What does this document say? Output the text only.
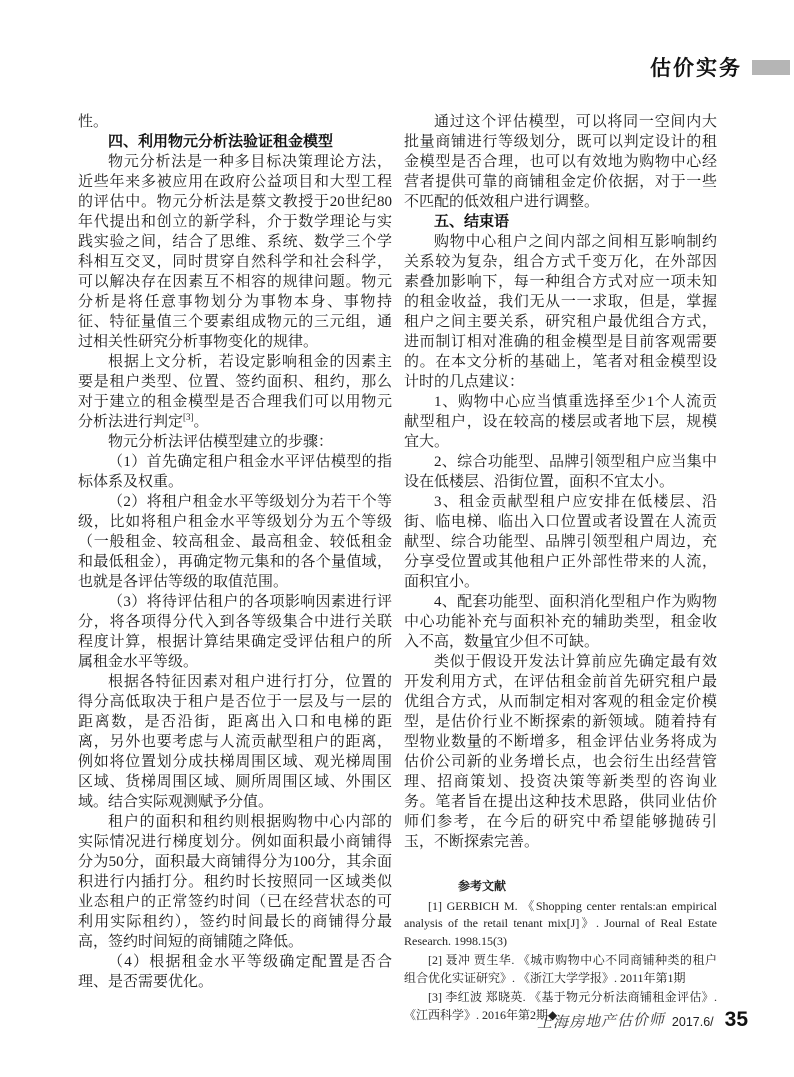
估价实务

性。

四、利用物元分析法验证租金模型

物元分析法是一种多目标决策理论方法，近些年来多被应用在政府公益项目和大型工程的评估中。物元分析法是蔡文教授于20世纪80年代提出和创立的新学科，介于数学理论与实践实验之间，结合了思维、系统、数学三个学科相互交叉，同时贯穿自然科学和社会科学，可以解决存在因素互不相容的规律问题。物元分析是将任意事物划分为事物本身、事物持征、特征量值三个要素组成物元的三元组，通过相关性研究分析事物变化的规律。

根据上文分析，若设定影响租金的因素主要是租户类型、位置、签约面积、租约，那么对于建立的租金模型是否合理我们可以用物元分析法进行判定[3]。

物元分析法评估模型建立的步骤：

（1）首先确定租户租金水平评估模型的指标体系及权重。

（2）将租户租金水平等级划分为若干个等级，比如将租户租金水平等级划分为五个等级（一般租金、较高租金、最高租金、较低租金和最低租金），再确定物元集和的各个量值域，也就是各评估等级的取值范围。

（3）将待评估租户的各项影响因素进行评分，将各项得分代入到各等级集合中进行关联程度计算，根据计算结果确定受评估租户的所属租金水平等级。

根据各特征因素对租户进行打分，位置的得分高低取决于租户是否位于一层及与一层的距离数，是否沿街，距离出入口和电梯的距离，另外也要考虑与人流贡献型租户的距离，例如将位置划分成扶梯周围区域、观光梯周围区域、货梯周围区域、厕所周围区域、外围区域。结合实际观测赋予分值。

租户的面积和租约则根据购物中心内部的实际情况进行梯度划分。例如面积最小商铺得分为50分，面积最大商铺得分为100分，其余面积进行内插打分。租约时长按照同一区域类似业态租户的正常签约时间（已在经营状态的可利用实际租约），签约时间最长的商铺得分最高，签约时间短的商铺随之降低。

（4）根据租金水平等级确定配置是否合理、是否需要优化。

通过这个评估模型，可以将同一空间内大批量商铺进行等级划分，既可以判定设计的租金模型是否合理，也可以有效地为购物中心经营者提供可靠的商铺租金定价依据，对于一些不匹配的低效租户进行调整。

五、结束语

购物中心租户之间内部之间相互影响制约关系较为复杂，组合方式千变万化，在外部因素叠加影响下，每一种组合方式对应一项未知的租金收益，我们无从一一求取，但是，掌握租户之间主要关系，研究租户最优组合方式，进而制订相对准确的租金模型是目前客观需要的。在本文分析的基础上，笔者对租金模型设计时的几点建议：

1、购物中心应当慎重选择至少1个人流贡献型租户，设在较高的楼层或者地下层，规模宜大。

2、综合功能型、品牌引领型租户应当集中设在低楼层、沿街位置，面积不宜太小。

3、租金贡献型租户应安排在低楼层、沿街、临电梯、临出入口位置或者设置在人流贡献型、综合功能型、品牌引领型租户周边，充分享受位置或其他租户正外部性带来的人流，面积宜小。

4、配套功能型、面积消化型租户作为购物中心功能补充与面积补充的辅助类型，租金收入不高，数量宜少但不可缺。

类似于假设开发法计算前应先确定最有效开发利用方式，在评估租金前首先研究租户最优组合方式，从而制定相对客观的租金定价模型，是估价行业不断探索的新领域。随着持有型物业数量的不断增多，租金评估业务将成为估价公司新的业务增长点，也会衍生出经营管理、招商策划、投资决策等新类型的咨询业务。笔者旨在提出这种技术思路，供同业估价师们参考，在今后的研究中希望能够抛砖引玉，不断探索完善。

参考文献

[1] GERBICH M. 《Shopping center rentals:an empirical analysis of the retail tenant mix[J]》. Journal of Real Estate Research. 1998.15(3)

[2] 聂冲 贾生华. 《城市购物中心不同商铺种类的租户组合优化实证研究》. 《浙江大学学报》. 2011年第1期

[3] 李红波 郑晓英. 《基于物元分析法商铺租金评估》. 《江西科学》. 2016年第2期◆

上海房地产估价师 2017.6/ 35
